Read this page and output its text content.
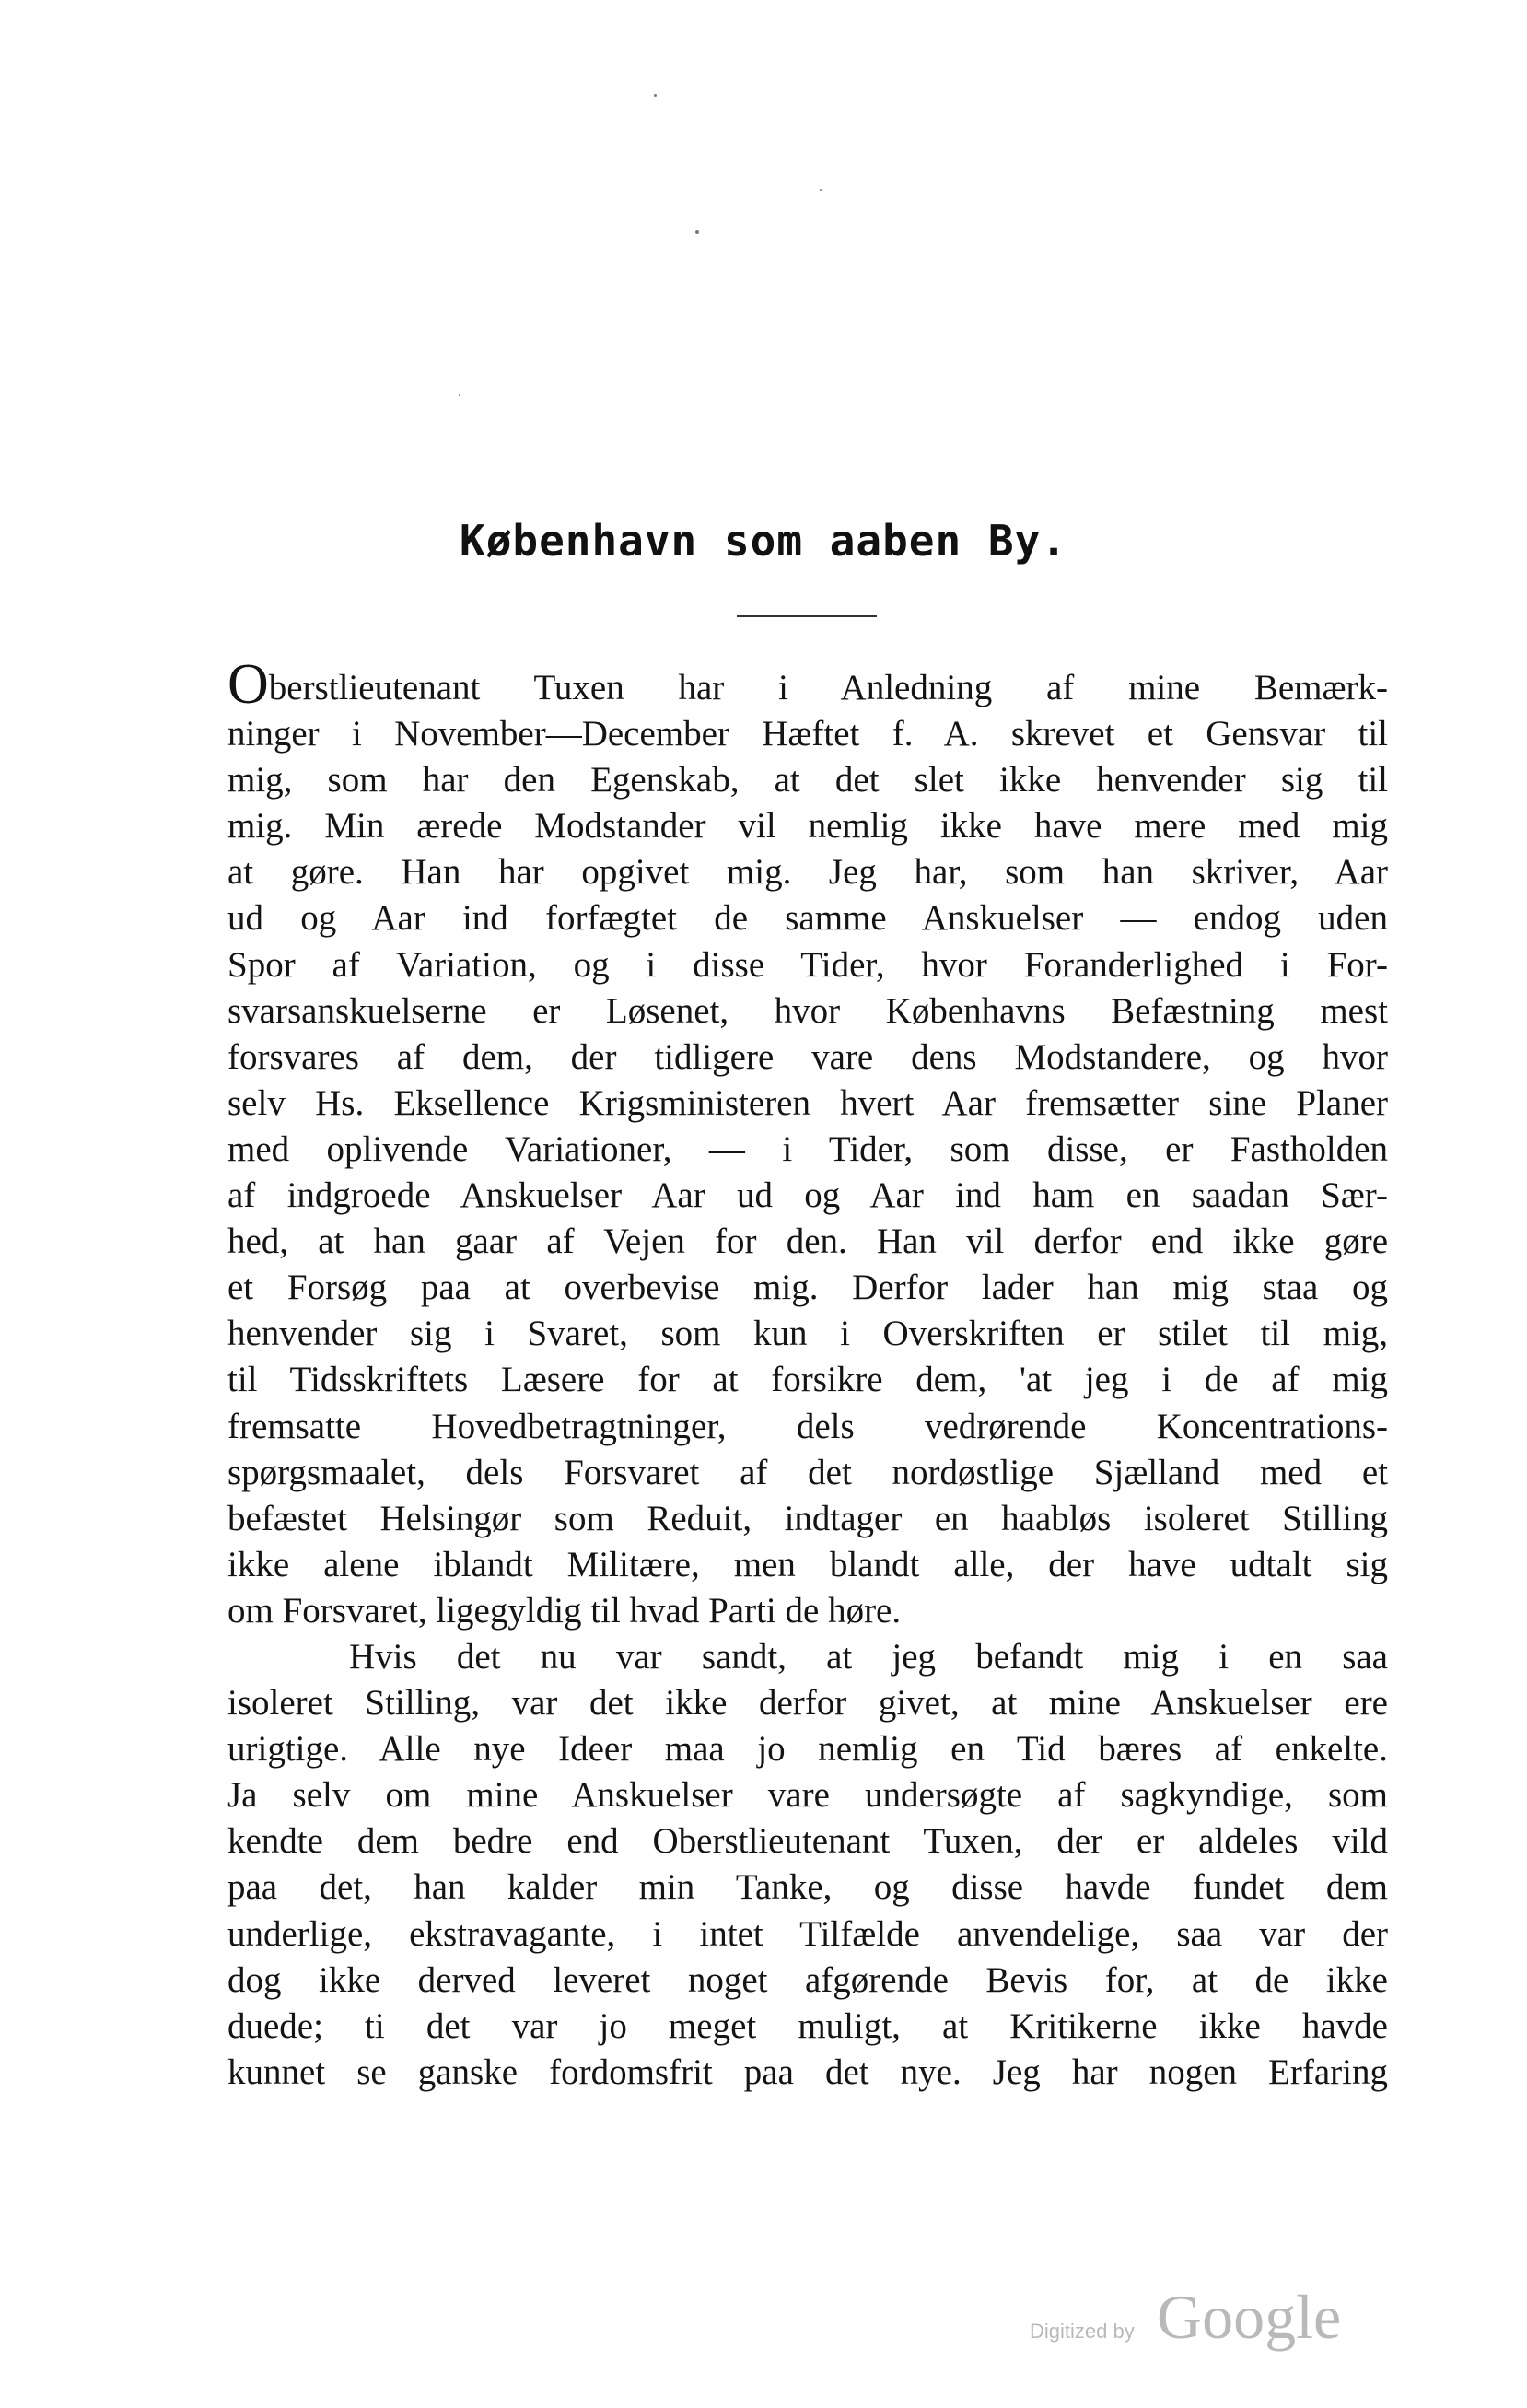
København som aaben By.
Oberstlieutenant Tuxen har i Anledning af mine Bemærk-
ninger i November—December Hæftet f. A. skrevet et Gensvar til
mig, som har den Egenskab, at det slet ikke henvender sig til
mig. Min ærede Modstander vil nemlig ikke have mere med mig
at gøre. Han har opgivet mig. Jeg har, som han skriver, Aar
ud og Aar ind forfægtet de samme Anskuelser — endog uden
Spor af Variation, og i disse Tider, hvor Foranderlighed i For-
svarsanskuelserne er Løsenet, hvor Københavns Befæstning mest
forsvares af dem, der tidligere vare dens Modstandere, og hvor
selv Hs. Eksellence Krigsministeren hvert Aar fremsætter sine Planer
med oplivende Variationer, — i Tider, som disse, er Fastholden
af indgroede Anskuelser Aar ud og Aar ind ham en saadan Sær-
hed, at han gaar af Vejen for den. Han vil derfor end ikke gøre
et Forsøg paa at overbevise mig. Derfor lader han mig staa og
henvender sig i Svaret, som kun i Overskriften er stilet til mig,
til Tidsskriftets Læsere for at forsikre dem, 'at jeg i de af mig
fremsatte Hovedbetragtninger, dels vedrørende Koncentrations-
spørgsmaalet, dels Forsvaret af det nordøstlige Sjælland med et
befæstet Helsingør som Reduit, indtager en haabløs isoleret Stilling
ikke alene iblandt Militære, men blandt alle, der have udtalt sig
om Forsvaret, ligegyldig til hvad Parti de høre.
Hvis det nu var sandt, at jeg befandt mig i en saa
isoleret Stilling, var det ikke derfor givet, at mine Anskuelser ere
urigtige. Alle nye Ideer maa jo nemlig en Tid bæres af enkelte.
Ja selv om mine Anskuelser vare undersøgte af sagkyndige, som
kendte dem bedre end Oberstlieutenant Tuxen, der er aldeles vild
paa det, han kalder min Tanke, og disse havde fundet dem
underlige, ekstravagante, i intet Tilfælde anvendelige, saa var der
dog ikke derved leveret noget afgørende Bevis for, at de ikke
duede; ti det var jo meget muligt, at Kritikerne ikke havde
kunnet se ganske fordomsfrit paa det nye. Jeg har nogen Erfaring
Digitized by Google
